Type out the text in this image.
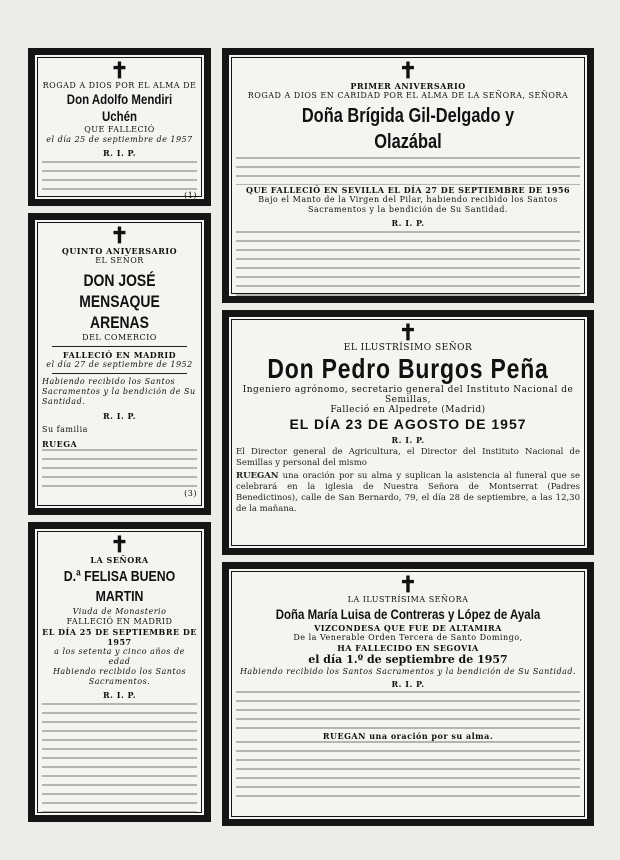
✝
ROGAD A DIOS POR EL ALMA DE
Don Adolfo Mendiri Uchén
QUE FALLECIÓ
el día 25 de septiembre de 1957
R. I. P.

(1)
✝
QUINTO ANIVERSARIO
EL SEÑOR
DON JOSÉ MENSAQUE
ARENAS
DEL COMERCIO
FALLECIÓ EN MADRID
el día 27 de septiembre de 1952
Habiendo recibido los Santos Sacramentos y la bendición de Su Santidad.
R. I. P.
Su familia
RUEGA

(3)
✝
LA SEÑORA
D.ª FELISA BUENO MARTIN
Viuda de Monasterio
FALLECIÓ EN MADRID
EL DÍA 25 DE SEPTIEMBRE DE 1957
a los setenta y cinco años de edad
Habiendo recibido los Santos Sacramentos.
R. I. P.

✝
PRIMER ANIVERSARIO
ROGAD A DIOS EN CARIDAD POR EL ALMA DE LA SEÑORA, SEÑORA
Doña Brígida Gil-Delgado y Olazábal

QUE FALLECIÓ EN SEVILLA EL DÍA 27 DE SEPTIEMBRE DE 1956
Bajo el Manto de la Virgen del Pilar, habiendo recibido los Santos Sacramentos y la bendición de Su Santidad.
R. I. P.

✝
EL ILUSTRÍSIMO SEÑOR
Don Pedro Burgos Peña
Ingeniero agrónomo, secretario general del Instituto Nacional de Semillas,
Falleció en Alpedrete (Madrid)
EL DÍA 23 DE AGOSTO DE 1957
R. I. P.
El Director general de Agricultura, el Director del Instituto Nacional de Semillas y personal del mismo
RUEGAN una oración por su alma y suplican la asistencia al funeral que se celebrará en la iglesia de Nuestra Señora de Montserrat (Padres Benedictinos), calle de San Bernardo, 79, el día 28 de septiembre, a las 12,30 de la mañana.
✝
LA ILUSTRÍSIMA SEÑORA
Doña María Luisa de Contreras y López de Ayala
VIZCONDESA QUE FUE DE ALTAMIRA
De la Venerable Orden Tercera de Santo Domingo,
HA FALLECIDO EN SEGOVIA
el día 1.º de septiembre de 1957
Habiendo recibido los Santos Sacramentos y la bendición de Su Santidad.
R. I. P.

RUEGAN una oración por su alma.
